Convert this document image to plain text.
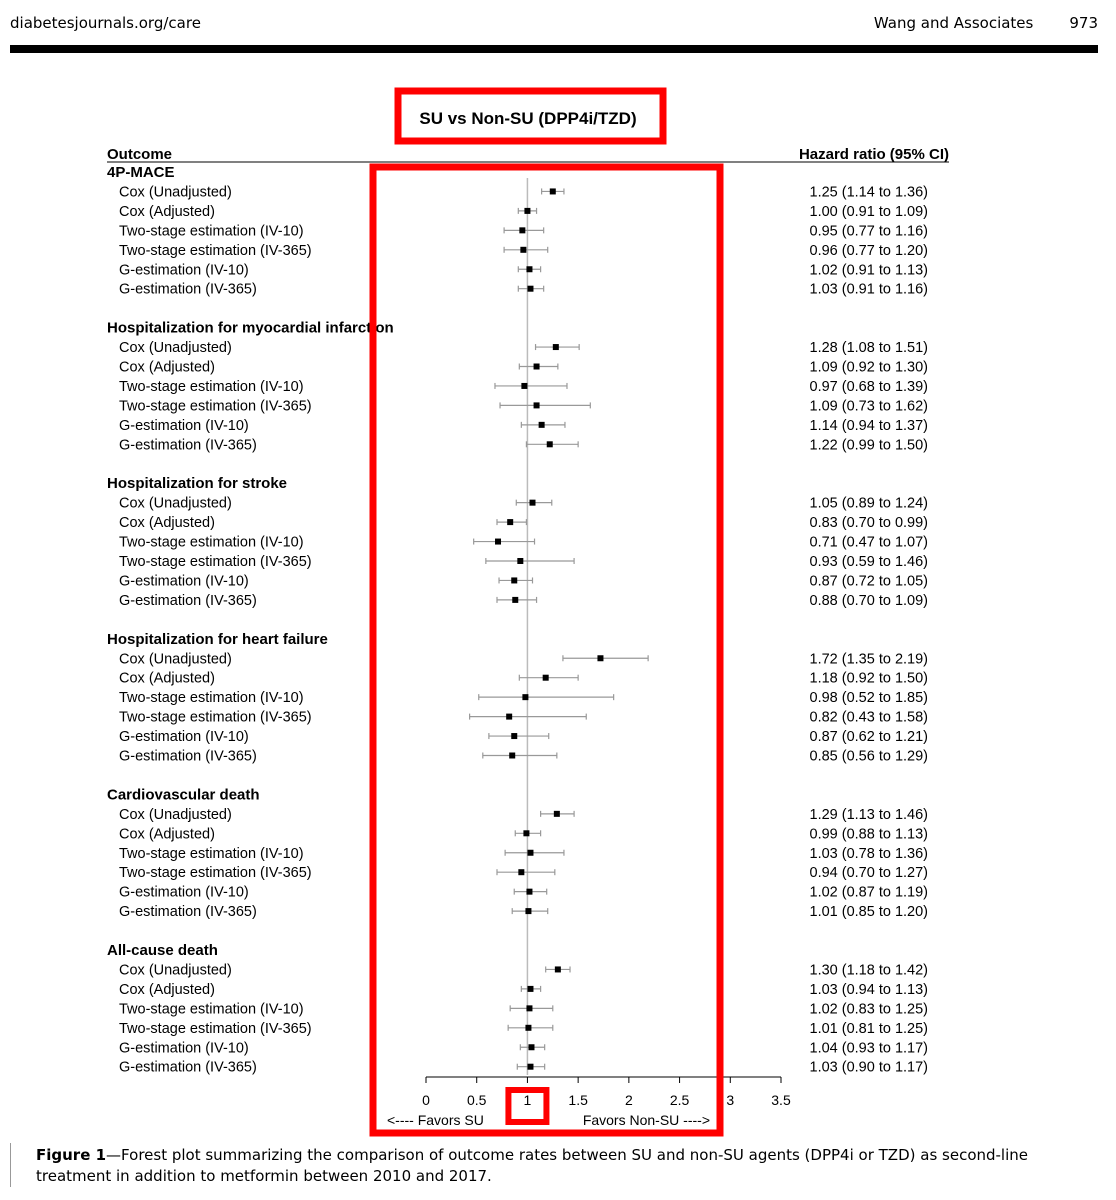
diabetesjournals.org/care	Wang and Associates 973
SU vs Non-SU (DPP4i/TZD)
Outcome	Hazard ratio (95% CI)
4P-MACE
Cox (Unadjusted)	1.25 (1.14 to 1.36)
Cox (Adjusted)	1.00 (0.91 to 1.09)
Two-stage estimation (IV-10)	0.95 (0.77 to 1.16)
Two-stage estimation (IV-365)	0.96 (0.77 to 1.20)
G-estimation (IV-10)	1.02 (0.91 to 1.13)
G-estimation (IV-365)	1.03 (0.91 to 1.16)
Hospitalization for myocardial infarction
Cox (Unadjusted)	1.28 (1.08 to 1.51)
Cox (Adjusted)	1.09 (0.92 to 1.30)
Two-stage estimation (IV-10)	0.97 (0.68 to 1.39)
Two-stage estimation (IV-365)	1.09 (0.73 to 1.62)
G-estimation (IV-10)	1.14 (0.94 to 1.37)
G-estimation (IV-365)	1.22 (0.99 to 1.50)
Hospitalization for stroke
Cox (Unadjusted)	1.05 (0.89 to 1.24)
Cox (Adjusted)	0.83 (0.70 to 0.99)
Two-stage estimation (IV-10)	0.71 (0.47 to 1.07)
Two-stage estimation (IV-365)	0.93 (0.59 to 1.46)
G-estimation (IV-10)	0.87 (0.72 to 1.05)
G-estimation (IV-365)	0.88 (0.70 to 1.09)
Hospitalization for heart failure
Cox (Unadjusted)	1.72 (1.35 to 2.19)
Cox (Adjusted)	1.18 (0.92 to 1.50)
Two-stage estimation (IV-10)	0.98 (0.52 to 1.85)
Two-stage estimation (IV-365)	0.82 (0.43 to 1.58)
G-estimation (IV-10)	0.87 (0.62 to 1.21)
G-estimation (IV-365)	0.85 (0.56 to 1.29)
Cardiovascular death
Cox (Unadjusted)	1.29 (1.13 to 1.46)
Cox (Adjusted)	0.99 (0.88 to 1.13)
Two-stage estimation (IV-10)	1.03 (0.78 to 1.36)
Two-stage estimation (IV-365)	0.94 (0.70 to 1.27)
G-estimation (IV-10)	1.02 (0.87 to 1.19)
G-estimation (IV-365)	1.01 (0.85 to 1.20)
All-cause death
Cox (Unadjusted)	1.30 (1.18 to 1.42)
Cox (Adjusted)	1.03 (0.94 to 1.13)
Two-stage estimation (IV-10)	1.02 (0.83 to 1.25)
Two-stage estimation (IV-365)	1.01 (0.81 to 1.25)
G-estimation (IV-10)	1.04 (0.93 to 1.17)
G-estimation (IV-365)	1.03 (0.90 to 1.17)
0	0.5	1	1.5	2	2.5	3	3.5
<---- Favors SU	Favors Non-SU ---->
Figure 1—Forest plot summarizing the comparison of outcome rates between SU and non-SU agents (DPP4i or TZD) as second-line treatment in addition to metformin between 2010 and 2017.
